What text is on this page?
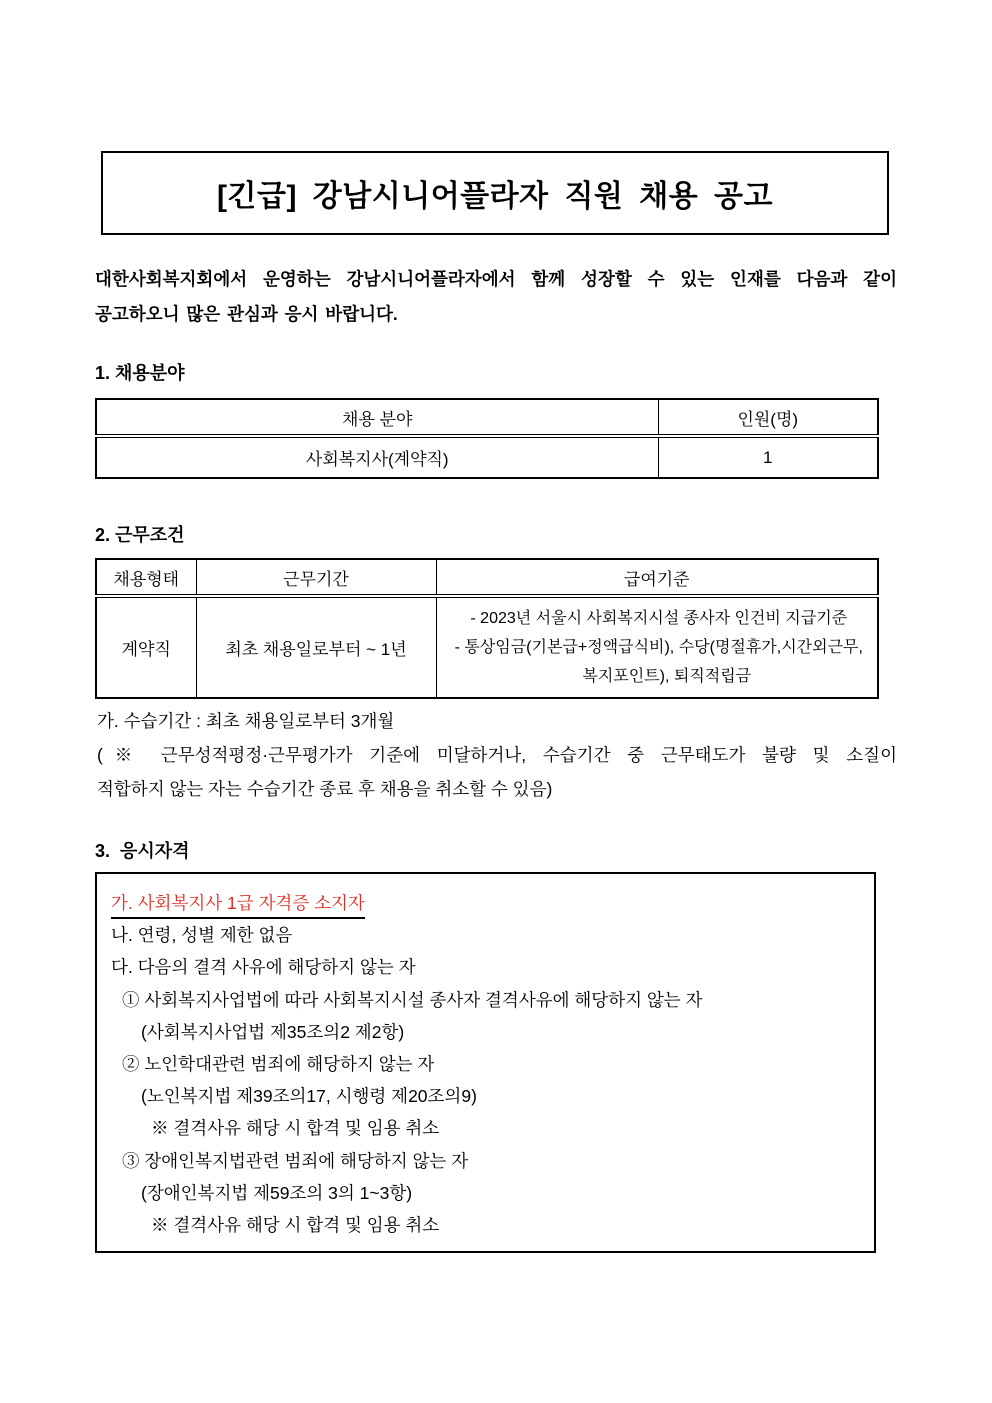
[긴급] 강남시니어플라자 직원 채용 공고
대한사회복지회에서 운영하는 강남시니어플라자에서 함께 성장할 수 있는 인재를 다음과 같이
공고하오니 많은 관심과 응시 바랍니다.
1. 채용분야
채용 분야	인원(명)
사회복지사(계약직)	1
2. 근무조건
채용형태	근무기간	급여기준
계약직	최초 채용일로부터 ~ 1년	- 2023년 서울시 사회복지시설 종사자 인건비 지급기준
- 통상임금(기본급+정액급식비), 수당(명절휴가,시간외근무,
복지포인트), 퇴직적립금
가. 수습기간 : 최초 채용일로부터 3개월
(※ 근무성적평정·근무평가가 기준에 미달하거나, 수습기간 중 근무태도가 불량 및 소질이
적합하지 않는 자는 수습기간 종료 후 채용을 취소할 수 있음)
3.  응시자격
가. 사회복지사 1급 자격증 소지자
나. 연령, 성별 제한 없음
다. 다음의 결격 사유에 해당하지 않는 자
① 사회복지사업법에 따라 사회복지시설 종사자 결격사유에 해당하지 않는 자
(사회복지사업법 제35조의2 제2항)
② 노인학대관련 범죄에 해당하지 않는 자
(노인복지법 제39조의17, 시행령 제20조의9)
※ 결격사유 해당 시 합격 및 임용 취소
③ 장애인복지법관련 범죄에 해당하지 않는 자
(장애인복지법 제59조의 3의 1~3항)
※ 결격사유 해당 시 합격 및 임용 취소
